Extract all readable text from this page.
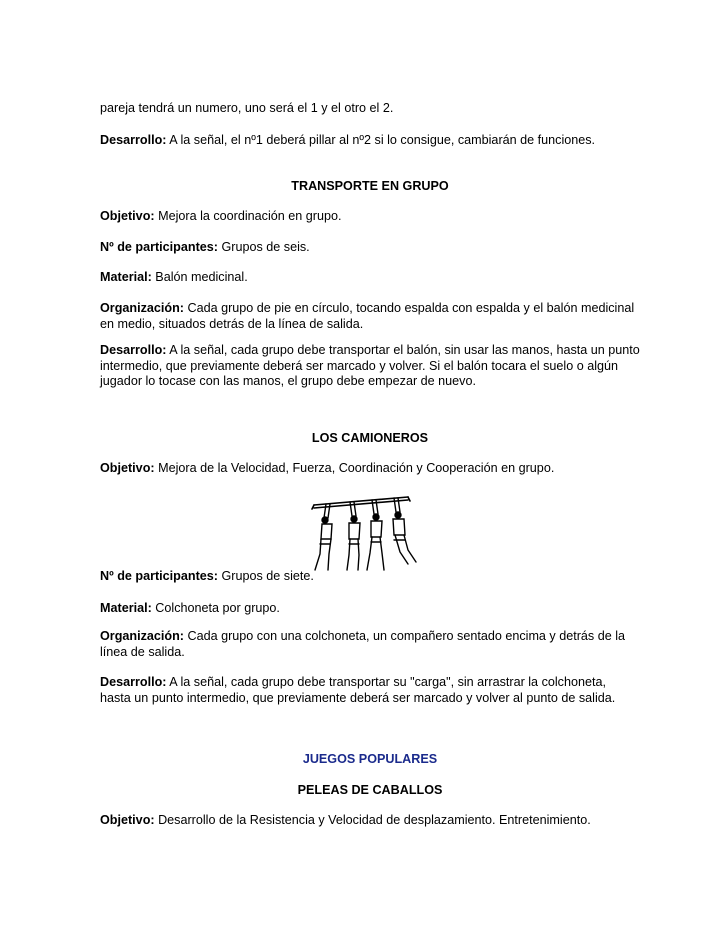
pareja tendrá un numero, uno será el 1 y el otro el 2.

Desarrollo: A la señal, el nº1 deberá pillar al nº2 si lo consigue, cambiarán de funciones.

TRANSPORTE EN GRUPO

Objetivo: Mejora la coordinación en grupo.

Nº de participantes: Grupos de seis.

Material: Balón medicinal.

Organización: Cada grupo de pie en círculo, tocando espalda con espalda y el balón medicinal en medio, situados detrás de la línea de salida.

Desarrollo: A la señal, cada grupo debe transportar el balón, sin usar las manos, hasta un punto intermedio, que previamente deberá ser marcado y volver. Si el balón tocara el suelo o algún jugador lo tocase con las manos, el grupo debe empezar de nuevo.

LOS CAMIONEROS

Objetivo: Mejora de la Velocidad, Fuerza, Coordinación y Cooperación en grupo.

Nº de participantes: Grupos de siete.

Material: Colchoneta por grupo.

Organización: Cada grupo con una colchoneta, un compañero sentado encima y detrás de la línea de salida.

Desarrollo: A la señal, cada grupo debe transportar su "carga", sin arrastrar la colchoneta, hasta un punto intermedio, que previamente deberá ser marcado y volver al punto de salida.

JUEGOS POPULARES

PELEAS DE CABALLOS

Objetivo: Desarrollo de la Resistencia y Velocidad de desplazamiento. Entretenimiento.
